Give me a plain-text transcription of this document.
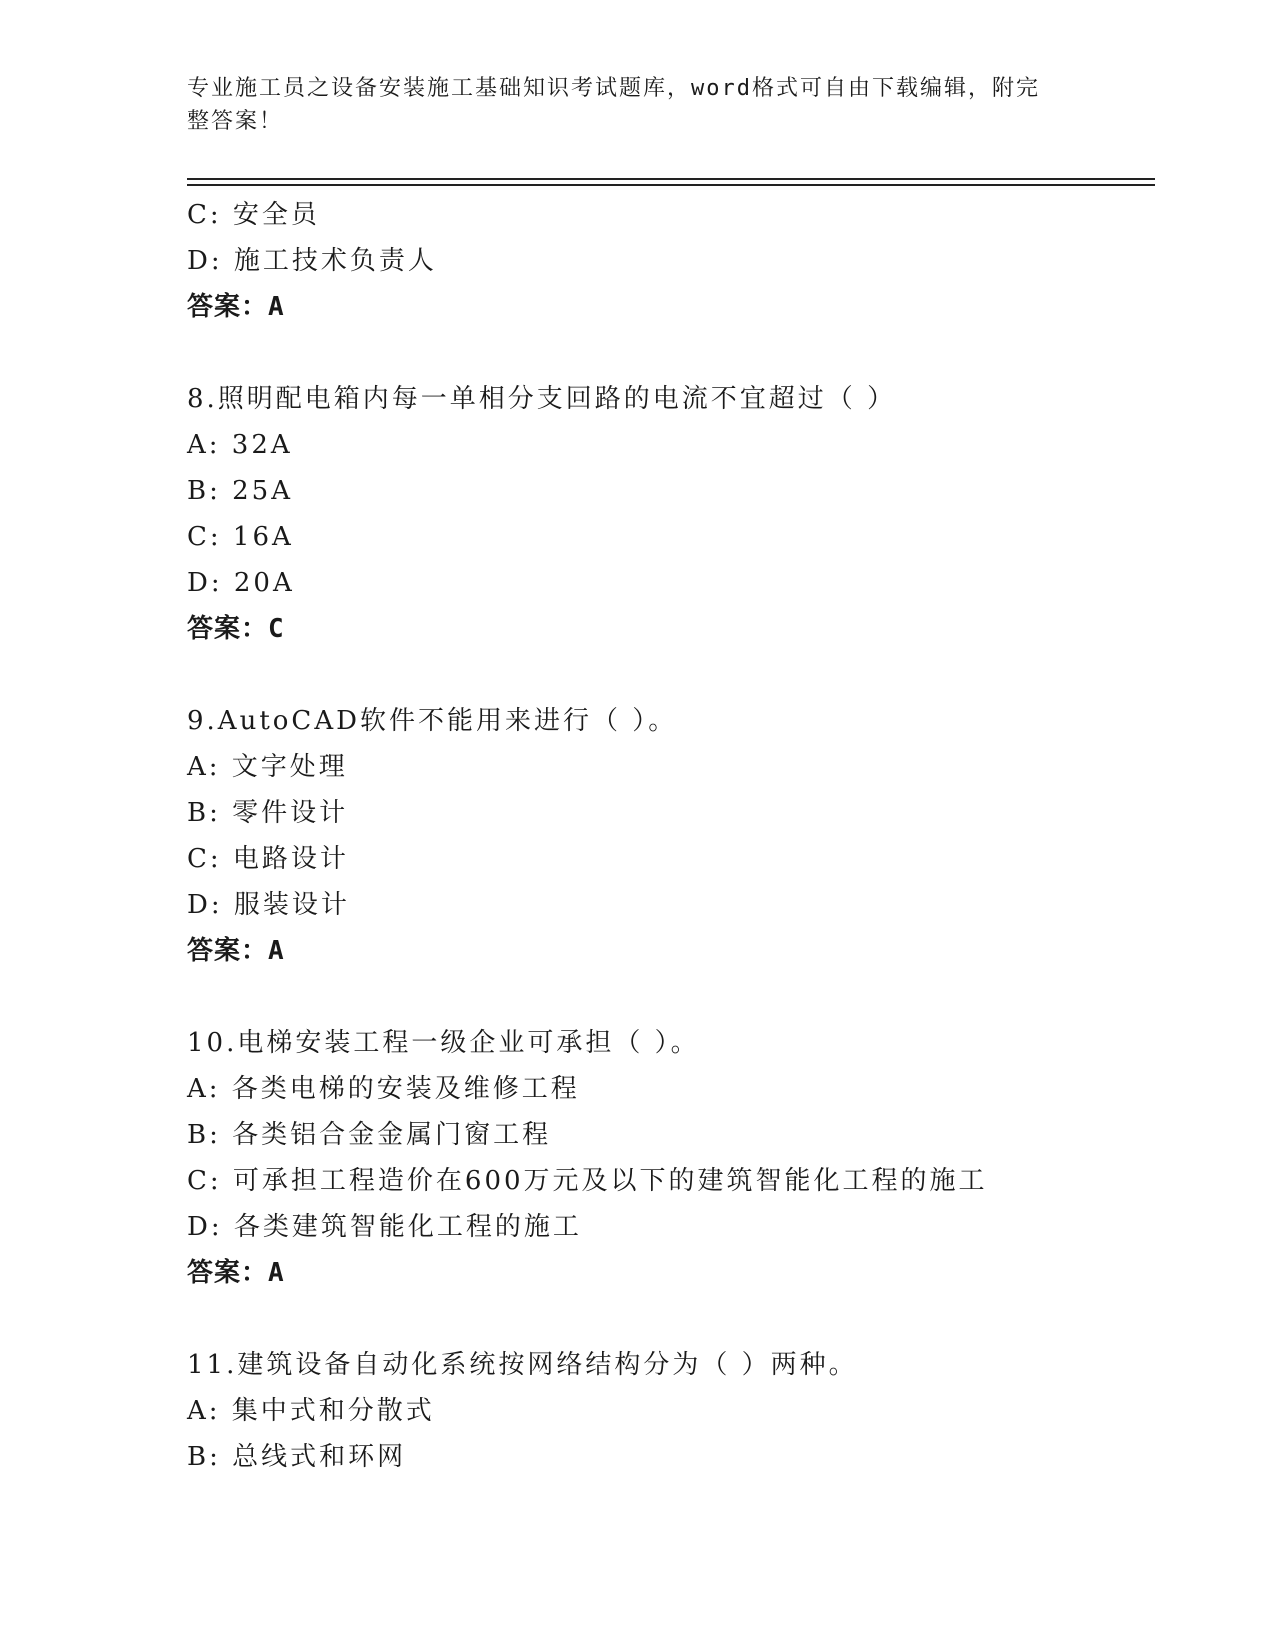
专业施工员之设备安装施工基础知识考试题库，word格式可自由下载编辑，附完
整答案！
C: 安全员
D: 施工技术负责人
答案：A
8.照明配电箱内每一单相分支回路的电流不宜超过（ ）
A: 32A
B: 25A
C: 16A
D: 20A
答案：C
9.AutoCAD软件不能用来进行（ ）。
A: 文字处理
B: 零件设计
C: 电路设计
D: 服装设计
答案：A
10.电梯安装工程一级企业可承担（ ）。
A: 各类电梯的安装及维修工程
B: 各类铝合金金属门窗工程
C: 可承担工程造价在600万元及以下的建筑智能化工程的施工
D: 各类建筑智能化工程的施工
答案：A
11.建筑设备自动化系统按网络结构分为（ ）两种。
A: 集中式和分散式
B: 总线式和环网
